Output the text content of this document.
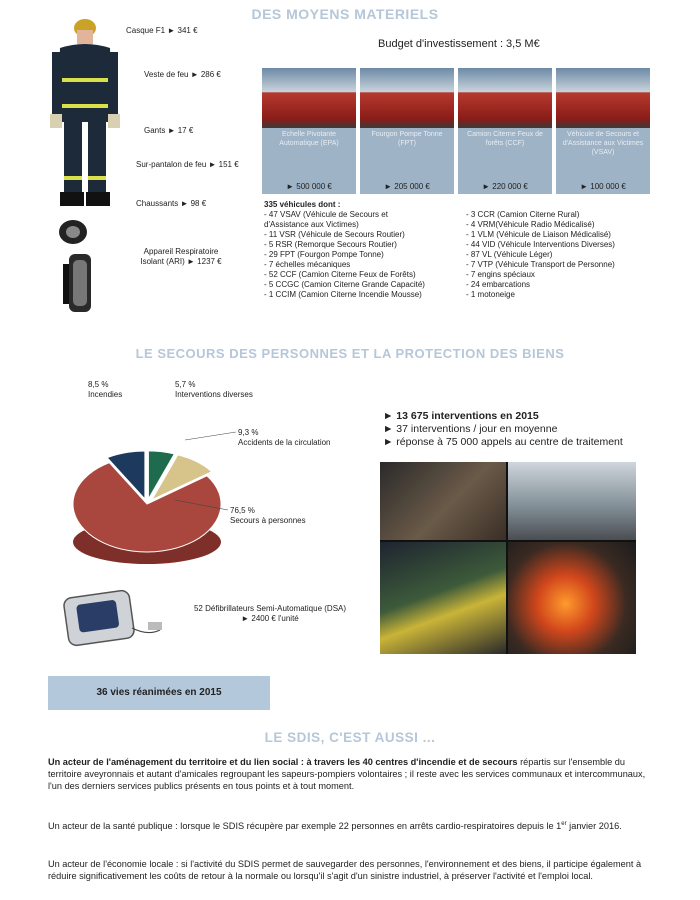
DES MOYENS MATERIELS
Casque F1 ► 341 €
Veste de feu ► 286 €
Gants ► 17 €
Sur-pantalon de feu ► 151 €
Chaussants ► 98 €
Appareil Respiratoire Isolant (ARI) ► 1237 €
Budget d'investissement : 3,5 M€
Echelle Pivotante Automatique (EPA)
► 500 000 €
Fourgon Pompe Tonne (FPT)
► 205 000 €
Camion Citerne Feux de forêts (CCF)
► 220 000 €
Véhicule de Secours et d'Assistance aux Victimes (VSAV)
► 100 000 €
335 véhicules dont :
- 47 VSAV (Véhicule de Secours et
d'Assistance aux Victimes)
- 11 VSR (Véhicule de Secours Routier)
- 5 RSR (Remorque Secours Routier)
- 29 FPT (Fourgon Pompe Tonne)
- 7 échelles mécaniques
- 52 CCF (Camion Citerne Feux de Forêts)
- 5 CCGC (Camion Citerne Grande Capacité)
- 1 CCIM (Camion Citerne Incendie Mousse)
- 3 CCR (Camion Citerne Rural)
- 4 VRM(Véhicule Radio Médicalisé)
- 1 VLM (Véhicule de Liaison Médicalisé)
- 44 VID (Véhicule Interventions Diverses)
- 87 VL (Véhicule Léger)
- 7 VTP (Véhicule Transport de Personne)
- 7 engins spéciaux
- 24 embarcations
- 1 motoneige
LE SECOURS DES PERSONNES ET LA PROTECTION DES BIENS
8,5 %
Incendies
5,7 %
Interventions diverses
9,3 %
Accidents de la circulation
76,5 %
Secours à personnes
► 13 675 interventions en 2015
► 37 interventions / jour en moyenne
► réponse à 75 000 appels au centre de traitement
52 Défibrillateurs Semi-Automatique (DSA) ► 2400 € l'unité
36 vies réanimées en 2015
LE SDIS, C'EST AUSSI ...
Un acteur de l'aménagement du territoire et du lien social : à travers les 40 centres d'incendie et de secours répartis sur l'ensemble du territoire aveyronnais et autant d'amicales regroupant les sapeurs-pompiers volontaires ; il reste avec les services communaux et intercommunaux, l'un des derniers services publics présents en tous points et à tout moment.
Un acteur de la santé publique : lorsque le SDIS récupère par exemple 22 personnes en arrêts cardio-respiratoires depuis le 1er janvier 2016.
Un acteur de l'économie locale : si l'activité du SDIS permet de sauvegarder des personnes, l'environnement et des biens, il participe également à réduire significativement les coûts de retour à la normale ou lorsqu'il s'agit d'un sinistre industriel, à préserver l'activité et l'emploi local.
